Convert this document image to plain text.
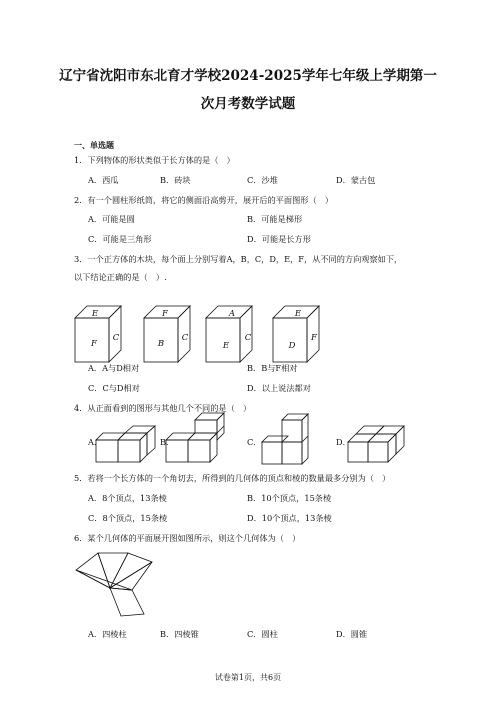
辽宁省沈阳市东北育才学校2024-2025学年七年级上学期第一
次月考数学试题
一、单选题
1．下列物体的形状类似于长方体的是（　）
A．西瓜	B．砖块	C．沙堆	D．蒙古包
2．有一个圆柱形纸筒，将它的侧面沿高剪开，展开后的平面图形（　）
A．可能是圆	B．可能是梯形
C．可能是三角形	D．可能是长方形
3．一个正方体的木块，每个面上分别写着A，B，C，D，E，F，从不同的方向观察如下，
以下结论正确的是（　）.
E
F
C
F
B
C
A
E
C
E
D
F
A．A与D相对	B．B与F相对
C．C与D相对	D．以上说法都对
4．从正面看到的图形与其他几个不同的是（　）
A．	B．	C．	D．
5．若将一个长方体的一个角切去，所得到的几何体的顶点和棱的数量最多分别为（　）
A．8个顶点，13条棱	B．10个顶点，15条棱
C．8个顶点，15条棱	D．10个顶点，13条棱
6．某个几何体的平面展开图如图所示，则这个几何体为（　）
A．四棱柱	B．四棱锥	C．圆柱	D．圆锥
试卷第1页，共6页
